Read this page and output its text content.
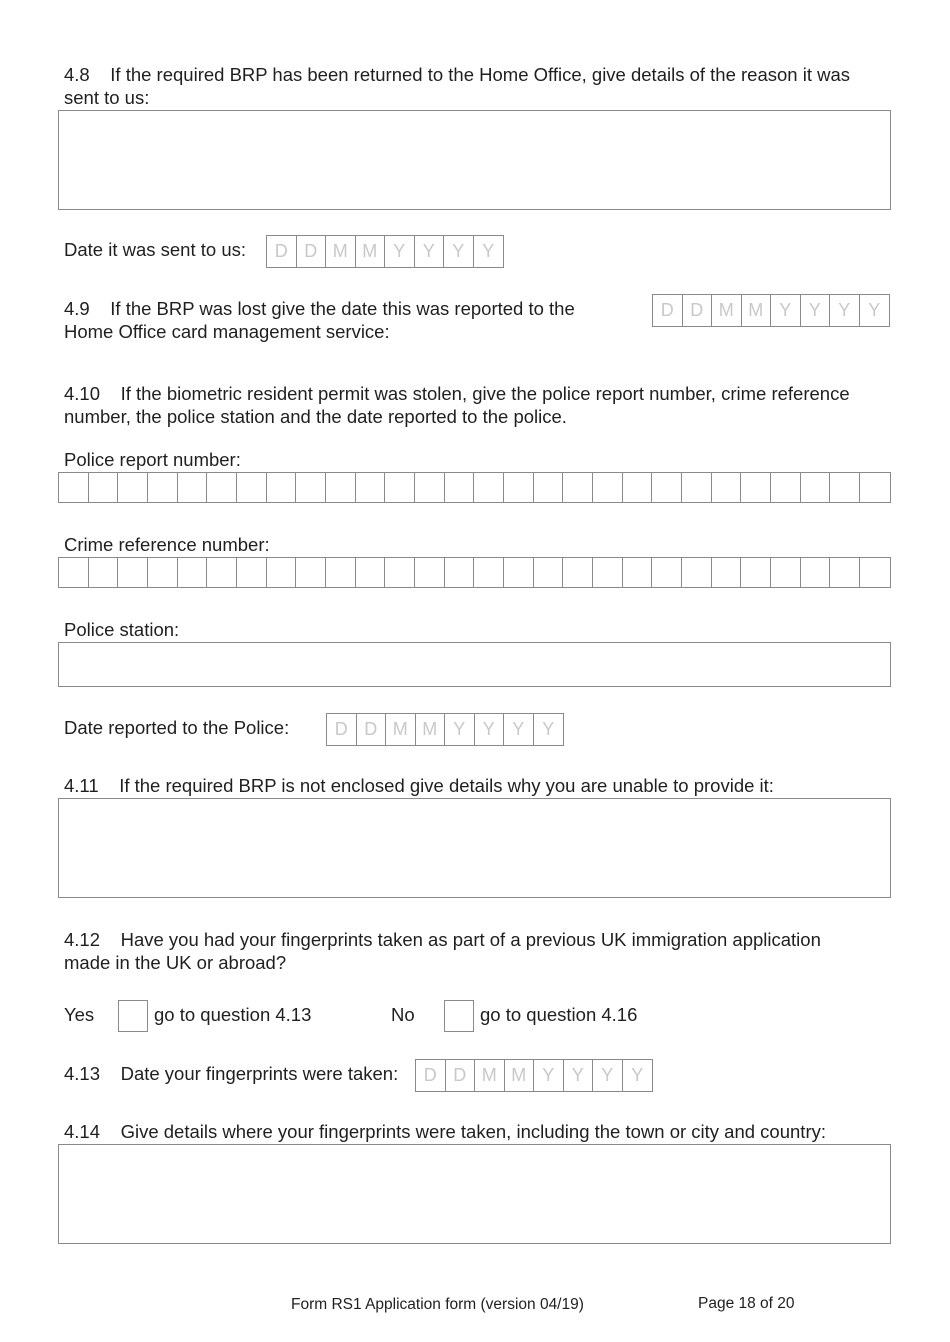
4.8 If the required BRP has been returned to the Home Office, give details of the reason it was
sent to us:
Date it was sent to us:	D D M M Y Y Y Y
4.9 If the BRP was lost give the date this was reported to the
Home Office card management service:
D D M M Y Y Y Y
4.10 If the biometric resident permit was stolen, give the police report number, crime reference
number, the police station and the date reported to the police.
Police report number:
Crime reference number:
Police station:
Date reported to the Police:	D D M M Y Y Y Y
4.11 If the required BRP is not enclosed give details why you are unable to provide it:
4.12 Have you had your fingerprints taken as part of a previous UK immigration application
made in the UK or abroad?
Yes	go to question 4.13	No	go to question 4.16
4.13 Date your fingerprints were taken:	D D M M Y Y Y Y
4.14 Give details where your fingerprints were taken, including the town or city and country:
Form RS1 Application form (version 04/19)	Page 18 of 20
